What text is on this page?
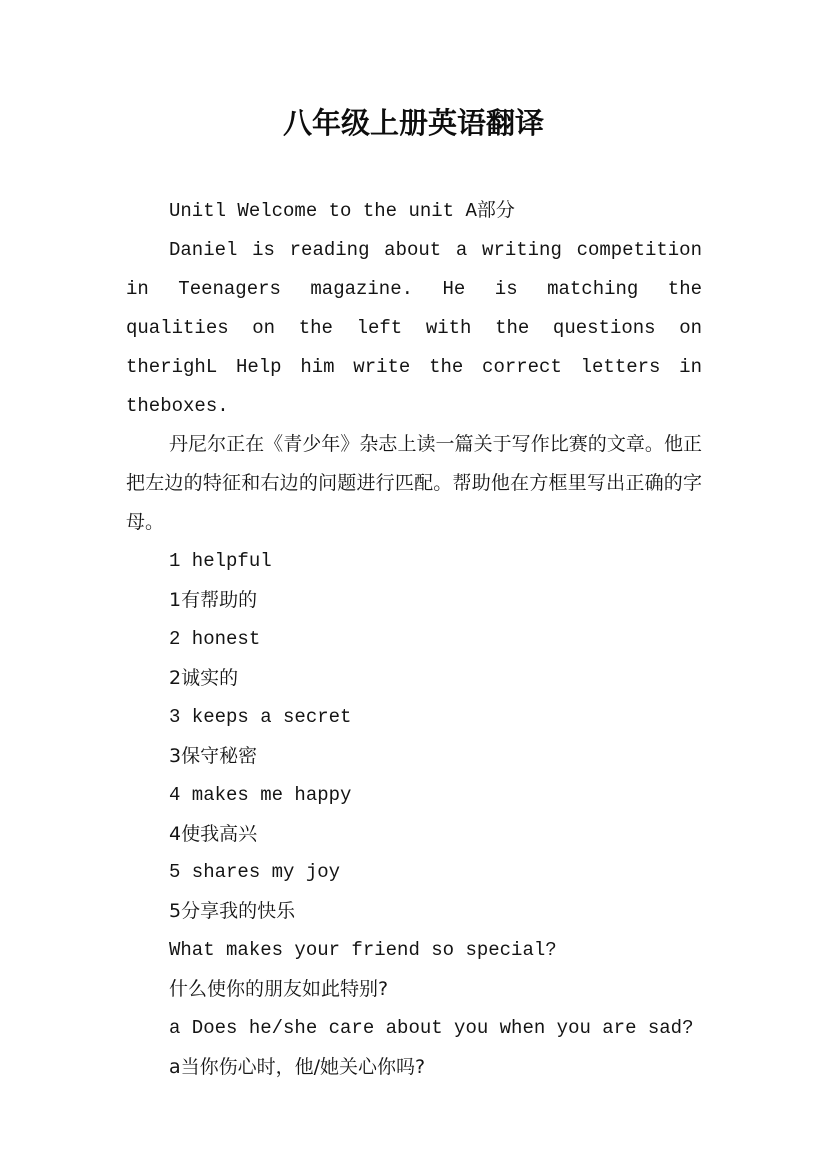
八年级上册英语翻译
Unitl Welcome to the unit A部分
Daniel is reading about a writing competition in Teenagers magazine. He is matching the qualities on the left with the questions on therighL Help him write the correct letters in theboxes.
丹尼尔正在《青少年》杂志上读一篇关于写作比赛的文章。他正把左边的特征和右边的问题进行匹配。帮助他在方框里写出正确的字母。
1 helpful
1有帮助的
2 honest
2诚实的
3 keeps a secret
3保守秘密
4 makes me happy
4使我高兴
5 shares my joy
5分享我的快乐
What makes your friend so special?
什么使你的朋友如此特别?
a Does he/she care about you when you are sad?
a当你伤心时，他/她关心你吗?
